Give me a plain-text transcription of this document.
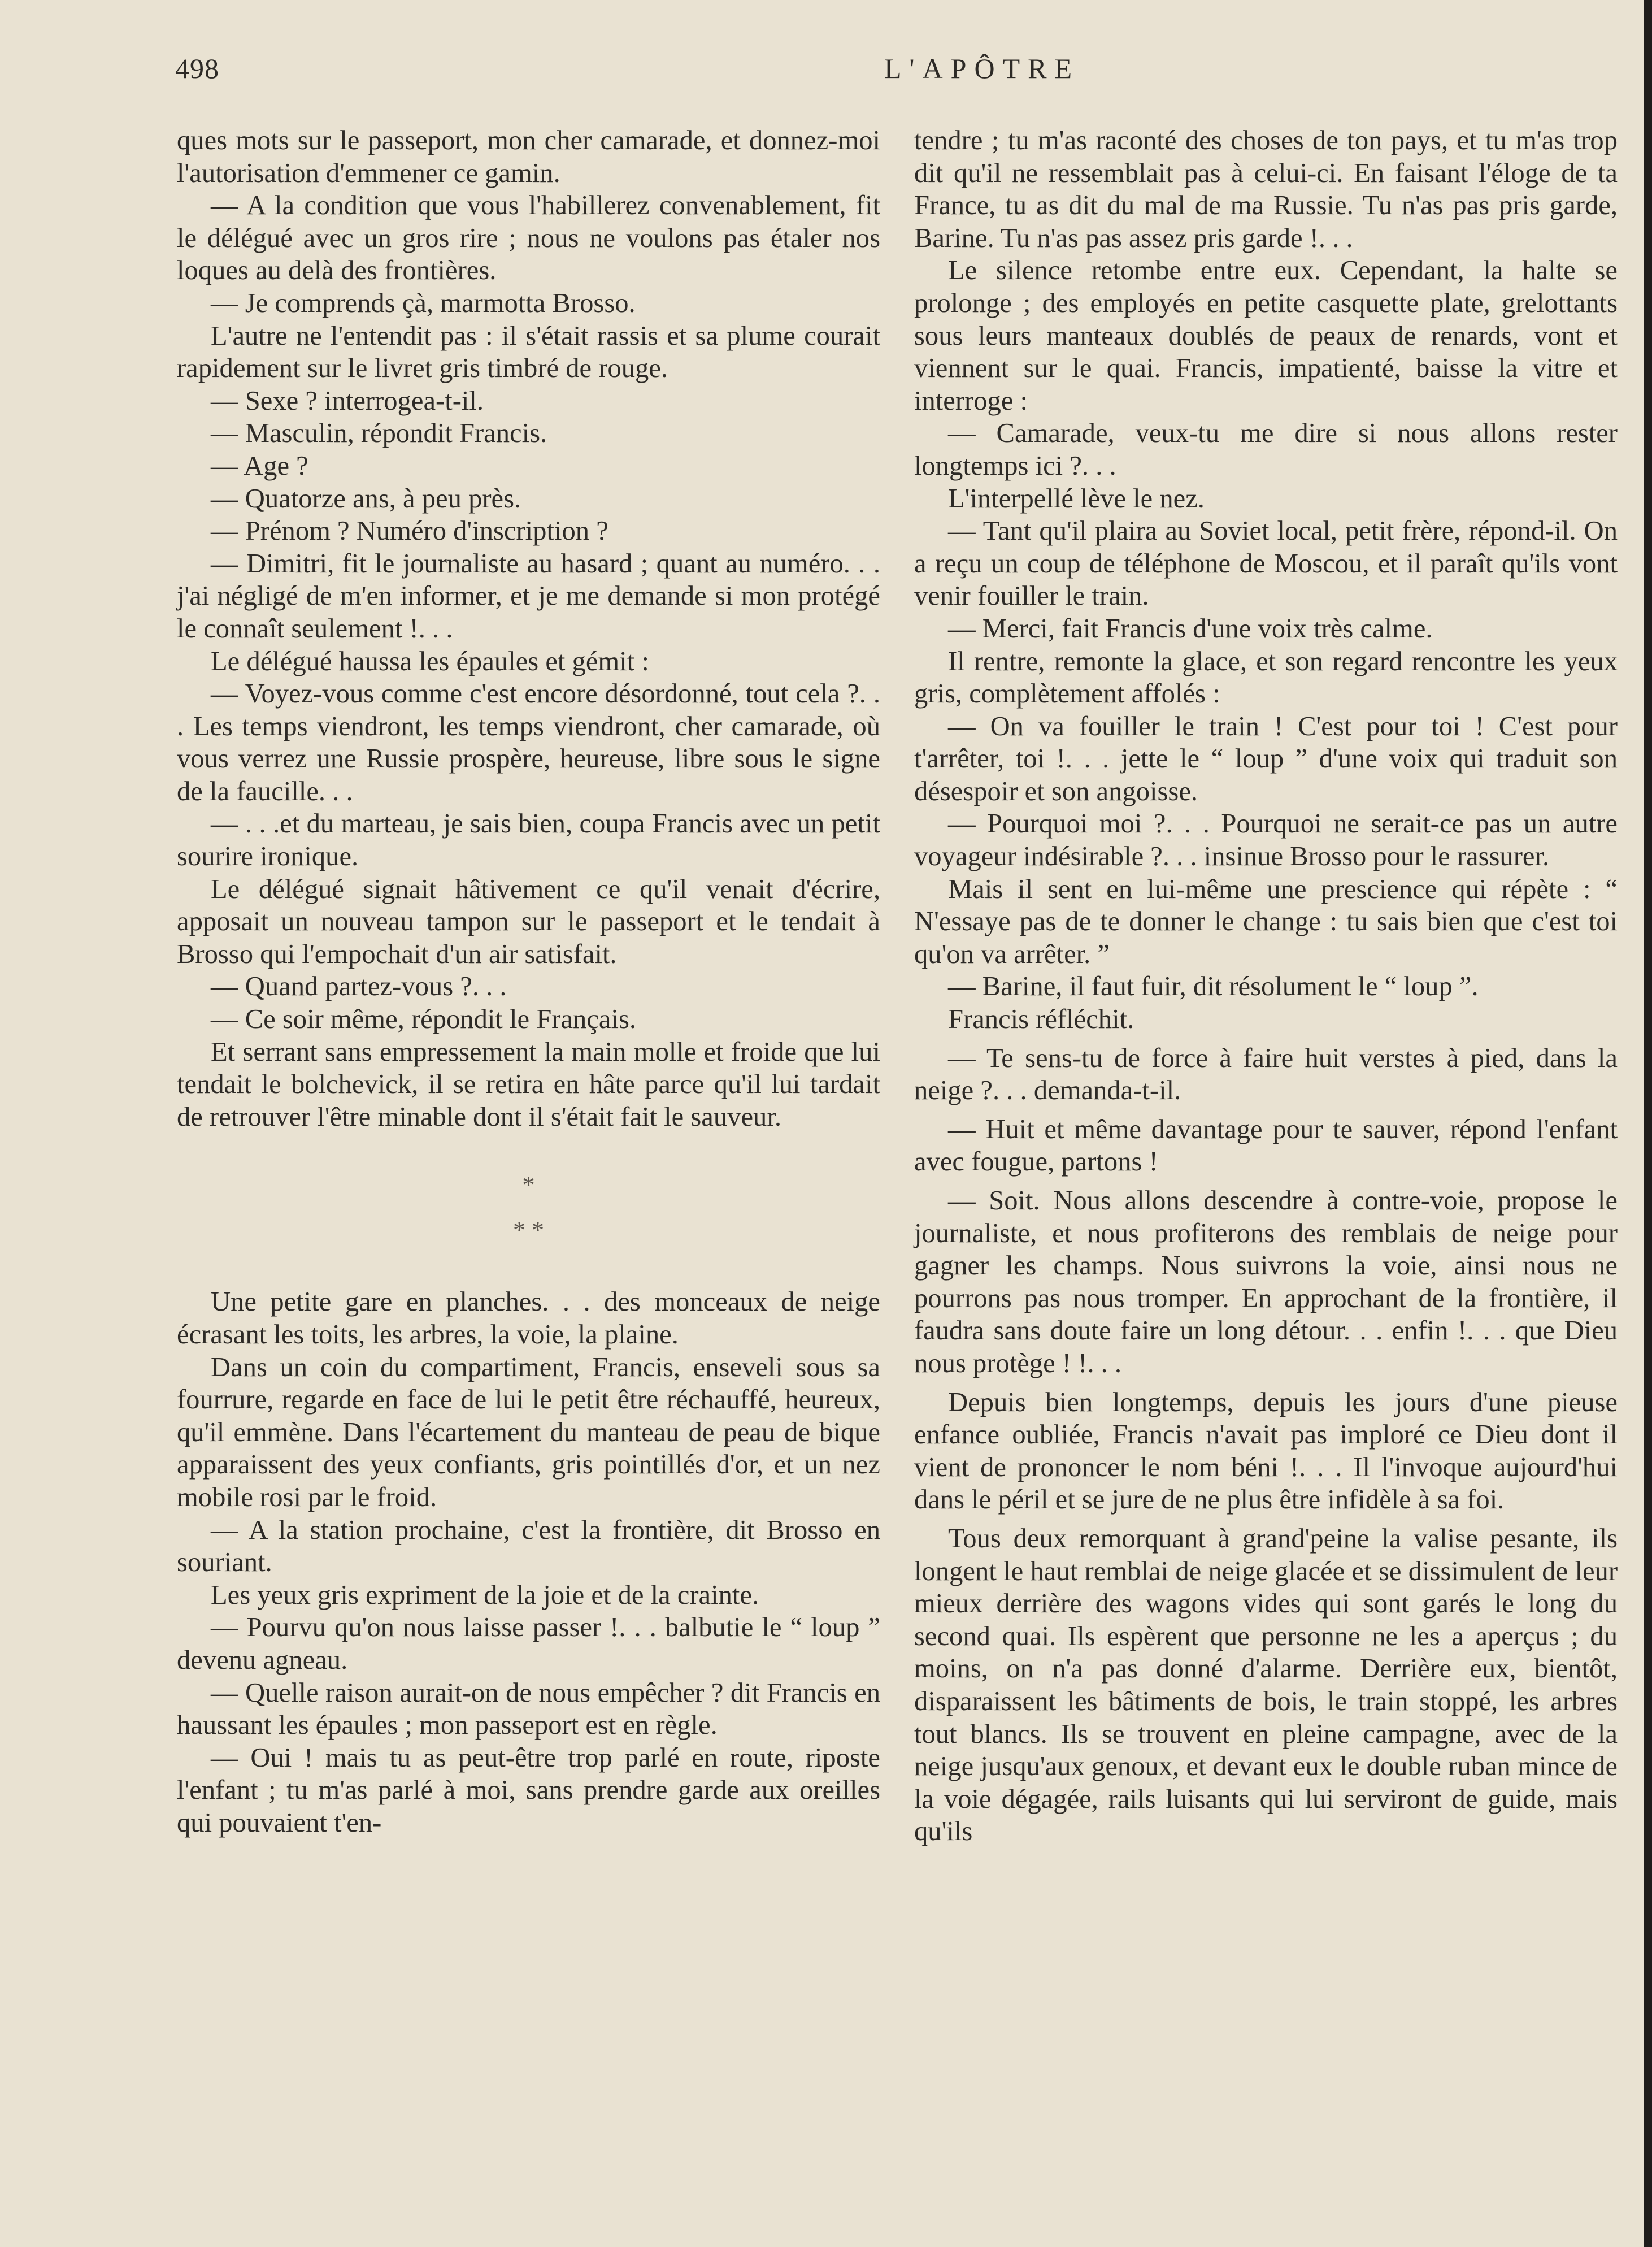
498	L'APÔTRE

ques mots sur le passeport, mon cher camarade, et donnez-moi l'autorisation d'emmener ce gamin.

— A la condition que vous l'habillerez convenablement, fit le délégué avec un gros rire ; nous ne voulons pas étaler nos loques au delà des frontières.

— Je comprends çà, marmotta Brosso.

L'autre ne l'entendit pas : il s'était rassis et sa plume courait rapidement sur le livret gris timbré de rouge.

— Sexe ? interrogea-t-il.

— Masculin, répondit Francis.

— Age ?

— Quatorze ans, à peu près.

— Prénom ? Numéro d'inscription ?

— Dimitri, fit le journaliste au hasard ; quant au numéro. . . j'ai négligé de m'en informer, et je me demande si mon protégé le connaît seulement !. . .

Le délégué haussa les épaules et gémit :

— Voyez-vous comme c'est encore désordonné, tout cela ?. . . Les temps viendront, les temps viendront, cher camarade, où vous verrez une Russie prospère, heureuse, libre sous le signe de la faucille. . .

— . . .et du marteau, je sais bien, coupa Francis avec un petit sourire ironique.

Le délégué signait hâtivement ce qu'il venait d'écrire, apposait un nouveau tampon sur le passeport et le tendait à Brosso qui l'empochait d'un air satisfait.

— Quand partez-vous ?. . .

— Ce soir même, répondit le Français.

Et serrant sans empressement la main molle et froide que lui tendait le bolchevick, il se retira en hâte parce qu'il lui tardait de retrouver l'être minable dont il s'était fait le sauveur.

*
* *

Une petite gare en planches. . . des monceaux de neige écrasant les toits, les arbres, la voie, la plaine.

Dans un coin du compartiment, Francis, enseveli sous sa fourrure, regarde en face de lui le petit être réchauffé, heureux, qu'il emmène. Dans l'écartement du manteau de peau de bique apparaissent des yeux confiants, gris pointillés d'or, et un nez mobile rosi par le froid.

— A la station prochaine, c'est la frontière, dit Brosso en souriant.

Les yeux gris expriment de la joie et de la crainte.

— Pourvu qu'on nous laisse passer !. . . balbutie le “ loup ” devenu agneau.

— Quelle raison aurait-on de nous empêcher ? dit Francis en haussant les épaules ; mon passeport est en règle.

— Oui ! mais tu as peut-être trop parlé en route, riposte l'enfant ; tu m'as parlé à moi, sans prendre garde aux oreilles qui pouvaient t'en-

tendre ; tu m'as raconté des choses de ton pays, et tu m'as trop dit qu'il ne ressemblait pas à celui-ci. En faisant l'éloge de ta France, tu as dit du mal de ma Russie. Tu n'as pas pris garde, Barine. Tu n'as pas assez pris garde !. . .

Le silence retombe entre eux. Cependant, la halte se prolonge ; des employés en petite casquette plate, grelottants sous leurs manteaux doublés de peaux de renards, vont et viennent sur le quai. Francis, impatienté, baisse la vitre et interroge :

— Camarade, veux-tu me dire si nous allons rester longtemps ici ?. . .

L'interpellé lève le nez.

— Tant qu'il plaira au Soviet local, petit frère, répond-il. On a reçu un coup de téléphone de Moscou, et il paraît qu'ils vont venir fouiller le train.

— Merci, fait Francis d'une voix très calme.

Il rentre, remonte la glace, et son regard rencontre les yeux gris, complètement affolés :

— On va fouiller le train ! C'est pour toi ! C'est pour t'arrêter, toi !. . . jette le “ loup ” d'une voix qui traduit son désespoir et son angoisse.

— Pourquoi moi ?. . . Pourquoi ne serait-ce pas un autre voyageur indésirable ?. . . insinue Brosso pour le rassurer.

Mais il sent en lui-même une prescience qui répète : “ N'essaye pas de te donner le change : tu sais bien que c'est toi qu'on va arrêter. ”

— Barine, il faut fuir, dit résolument le “ loup ”.

Francis réfléchit.

— Te sens-tu de force à faire huit verstes à pied, dans la neige ?. . . demanda-t-il.

— Huit et même davantage pour te sauver, répond l'enfant avec fougue, partons !

— Soit. Nous allons descendre à contre-voie, propose le journaliste, et nous profiterons des remblais de neige pour gagner les champs. Nous suivrons la voie, ainsi nous ne pourrons pas nous tromper. En approchant de la frontière, il faudra sans doute faire un long détour. . . enfin !. . . que Dieu nous protège ! !. . .

Depuis bien longtemps, depuis les jours d'une pieuse enfance oubliée, Francis n'avait pas imploré ce Dieu dont il vient de prononcer le nom béni !. . . Il l'invoque aujourd'hui dans le péril et se jure de ne plus être infidèle à sa foi.

Tous deux remorquant à grand'peine la valise pesante, ils longent le haut remblai de neige glacée et se dissimulent de leur mieux derrière des wagons vides qui sont garés le long du second quai. Ils espèrent que personne ne les a aperçus ; du moins, on n'a pas donné d'alarme. Derrière eux, bientôt, disparaissent les bâtiments de bois, le train stoppé, les arbres tout blancs. Ils se trouvent en pleine campagne, avec de la neige jusqu'aux genoux, et devant eux le double ruban mince de la voie dégagée, rails luisants qui lui serviront de guide, mais qu'ils
